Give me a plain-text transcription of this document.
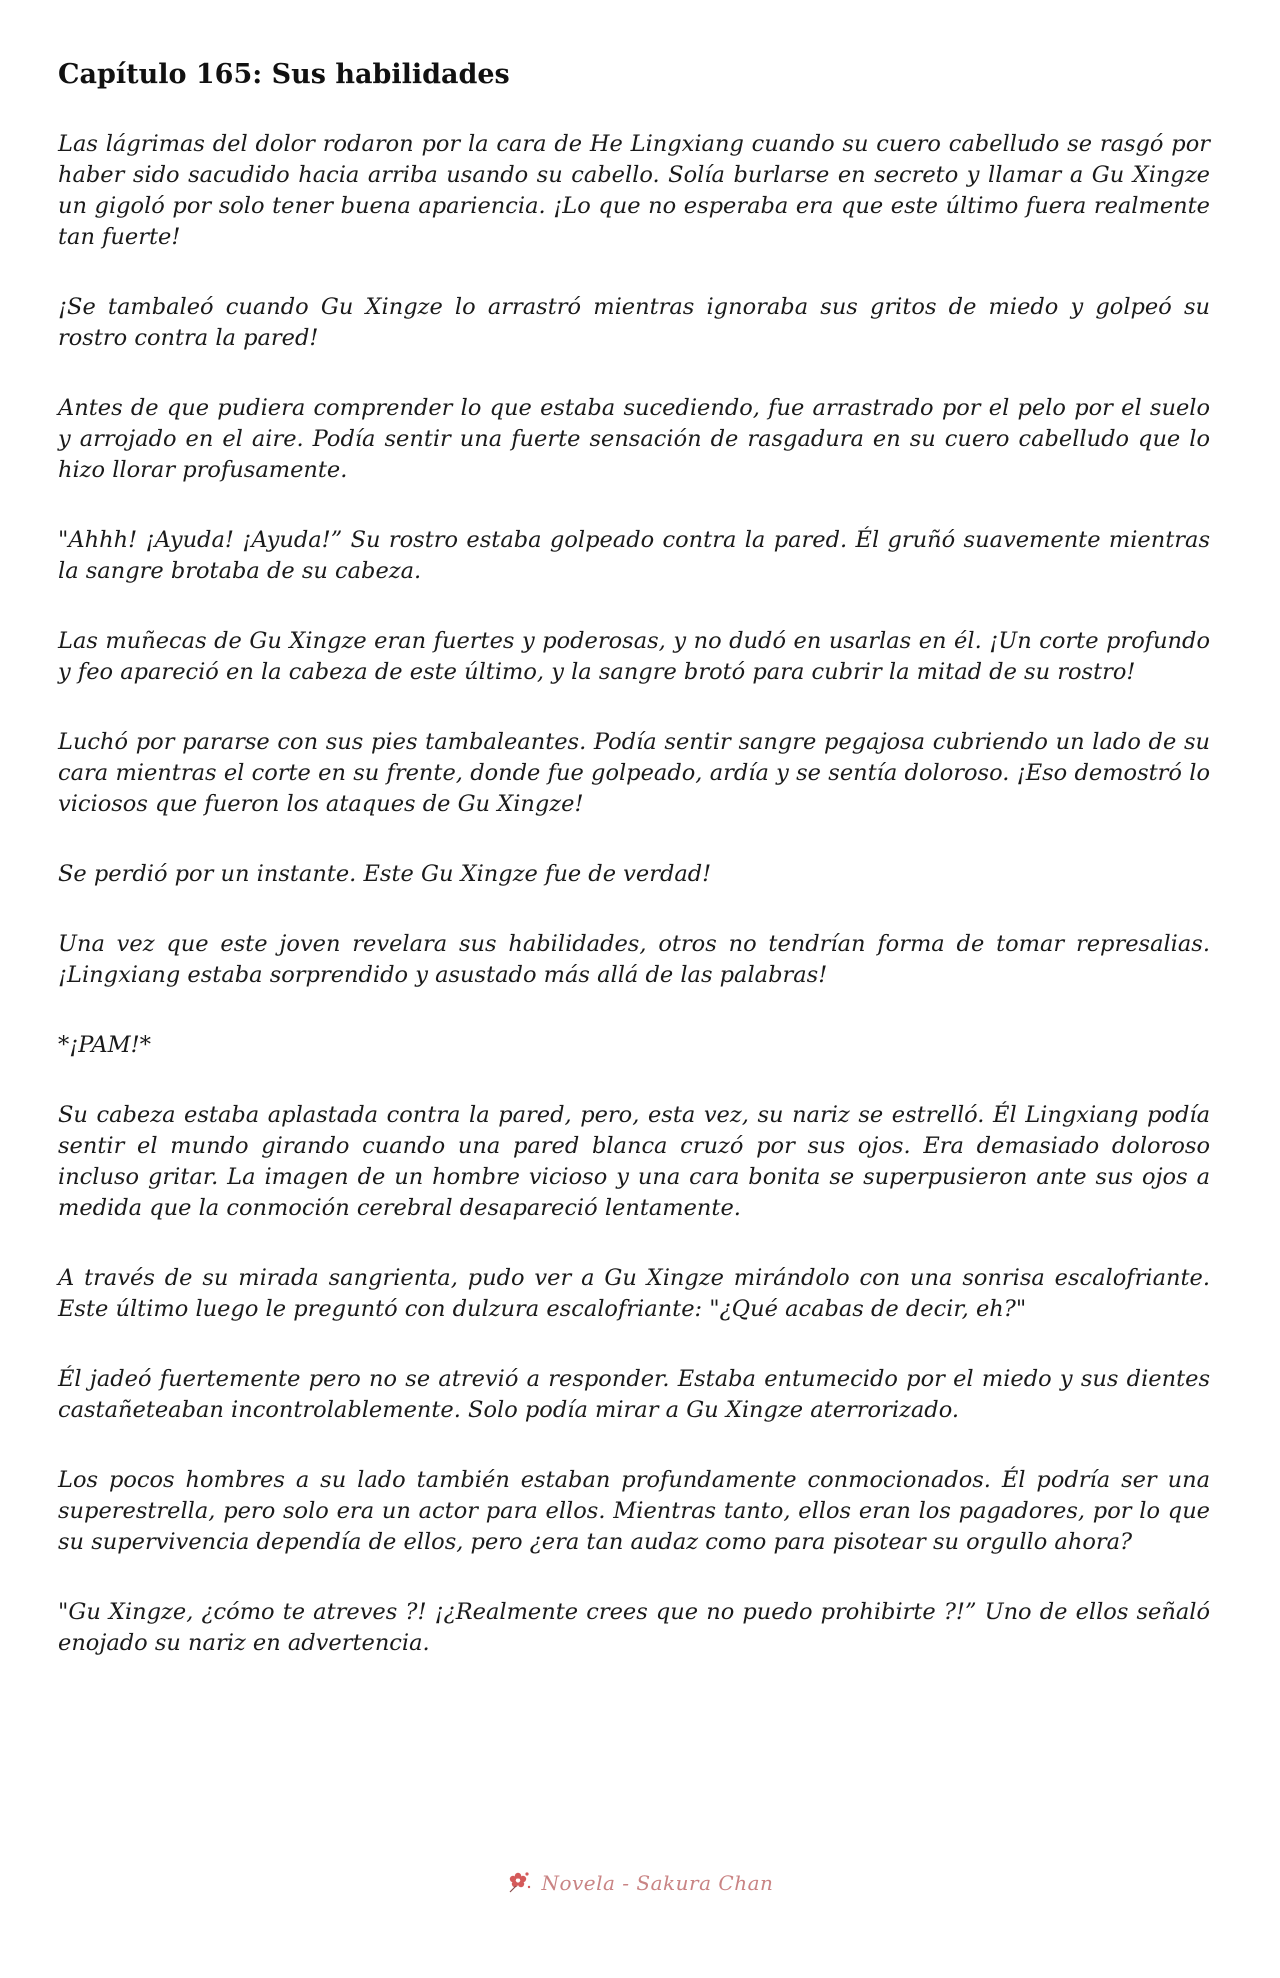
Capítulo 165: Sus habilidades

Las lágrimas del dolor rodaron por la cara de He Lingxiang cuando su cuero cabelludo se rasgó por haber sido sacudido hacia arriba usando su cabello. Solía burlarse en secreto y llamar a Gu Xingze un gigoló por solo tener buena apariencia. ¡Lo que no esperaba era que este último fuera realmente tan fuerte!

¡Se tambaleó cuando Gu Xingze lo arrastró mientras ignoraba sus gritos de miedo y golpeó su rostro contra la pared!

Antes de que pudiera comprender lo que estaba sucediendo, fue arrastrado por el pelo por el suelo y arrojado en el aire. Podía sentir una fuerte sensación de rasgadura en su cuero cabelludo que lo hizo llorar profusamente.

"Ahhh! ¡Ayuda! ¡Ayuda!” Su rostro estaba golpeado contra la pared. Él gruñó suavemente mientras la sangre brotaba de su cabeza.

Las muñecas de Gu Xingze eran fuertes y poderosas, y no dudó en usarlas en él. ¡Un corte profundo y feo apareció en la cabeza de este último, y la sangre brotó para cubrir la mitad de su rostro!

Luchó por pararse con sus pies tambaleantes. Podía sentir sangre pegajosa cubriendo un lado de su cara mientras el corte en su frente, donde fue golpeado, ardía y se sentía doloroso. ¡Eso demostró lo viciosos que fueron los ataques de Gu Xingze!

Se perdió por un instante. Este Gu Xingze fue de verdad!

Una vez que este joven revelara sus habilidades, otros no tendrían forma de tomar represalias. ¡Lingxiang estaba sorprendido y asustado más allá de las palabras!

*¡PAM!*

Su cabeza estaba aplastada contra la pared, pero, esta vez, su nariz se estrelló. Él Lingxiang podía sentir el mundo girando cuando una pared blanca cruzó por sus ojos. Era demasiado doloroso incluso gritar. La imagen de un hombre vicioso y una cara bonita se superpusieron ante sus ojos a medida que la conmoción cerebral desapareció lentamente.

A través de su mirada sangrienta, pudo ver a Gu Xingze mirándolo con una sonrisa escalofriante. Este último luego le preguntó con dulzura escalofriante: "¿Qué acabas de decir, eh?"

Él jadeó fuertemente pero no se atrevió a responder. Estaba entumecido por el miedo y sus dientes castañeteaban incontrolablemente. Solo podía mirar a Gu Xingze aterrorizado.

Los pocos hombres a su lado también estaban profundamente conmocionados. Él podría ser una superestrella, pero solo era un actor para ellos. Mientras tanto, ellos eran los pagadores, por lo que su supervivencia dependía de ellos, pero ¿era tan audaz como para pisotear su orgullo ahora?

"Gu Xingze, ¿cómo te atreves ?! ¡¿Realmente crees que no puedo prohibirte ?!” Uno de ellos señaló enojado su nariz en advertencia.

Novela - Sakura Chan
